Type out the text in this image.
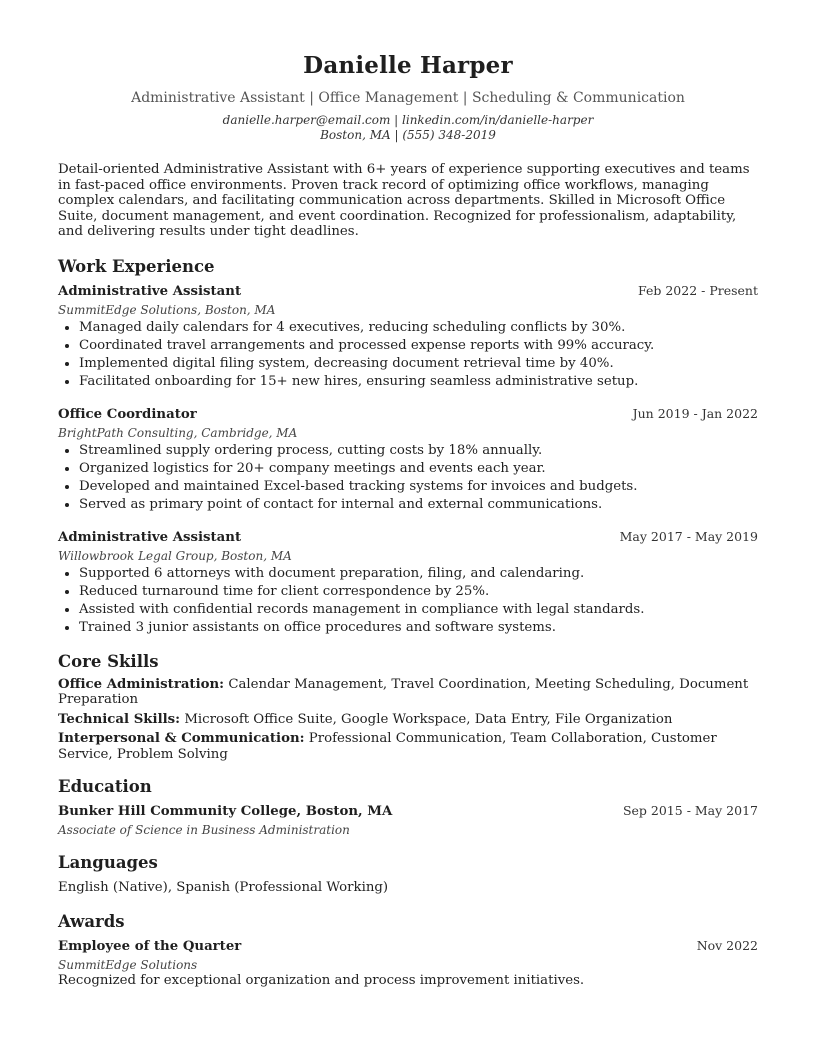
Danielle Harper
Administrative Assistant | Office Management | Scheduling & Communication
danielle.harper@email.com | linkedin.com/in/danielle-harper
Boston, MA | (555) 348-2019
Detail-oriented Administrative Assistant with 6+ years of experience supporting executives and teams in fast-paced office environments. Proven track record of optimizing office workflows, managing complex calendars, and facilitating communication across departments. Skilled in Microsoft Office Suite, document management, and event coordination. Recognized for professionalism, adaptability, and delivering results under tight deadlines.
Work Experience
Administrative Assistant	Feb 2022 - Present
SummitEdge Solutions, Boston, MA
• Managed daily calendars for 4 executives, reducing scheduling conflicts by 30%.
• Coordinated travel arrangements and processed expense reports with 99% accuracy.
• Implemented digital filing system, decreasing document retrieval time by 40%.
• Facilitated onboarding for 15+ new hires, ensuring seamless administrative setup.
Office Coordinator	Jun 2019 - Jan 2022
BrightPath Consulting, Cambridge, MA
• Streamlined supply ordering process, cutting costs by 18% annually.
• Organized logistics for 20+ company meetings and events each year.
• Developed and maintained Excel-based tracking systems for invoices and budgets.
• Served as primary point of contact for internal and external communications.
Administrative Assistant	May 2017 - May 2019
Willowbrook Legal Group, Boston, MA
• Supported 6 attorneys with document preparation, filing, and calendaring.
• Reduced turnaround time for client correspondence by 25%.
• Assisted with confidential records management in compliance with legal standards.
• Trained 3 junior assistants on office procedures and software systems.
Core Skills
Office Administration: Calendar Management, Travel Coordination, Meeting Scheduling, Document Preparation
Technical Skills: Microsoft Office Suite, Google Workspace, Data Entry, File Organization
Interpersonal & Communication: Professional Communication, Team Collaboration, Customer Service, Problem Solving
Education
Bunker Hill Community College, Boston, MA	Sep 2015 - May 2017
Associate of Science in Business Administration
Languages
English (Native), Spanish (Professional Working)
Awards
Employee of the Quarter	Nov 2022
SummitEdge Solutions
Recognized for exceptional organization and process improvement initiatives.
